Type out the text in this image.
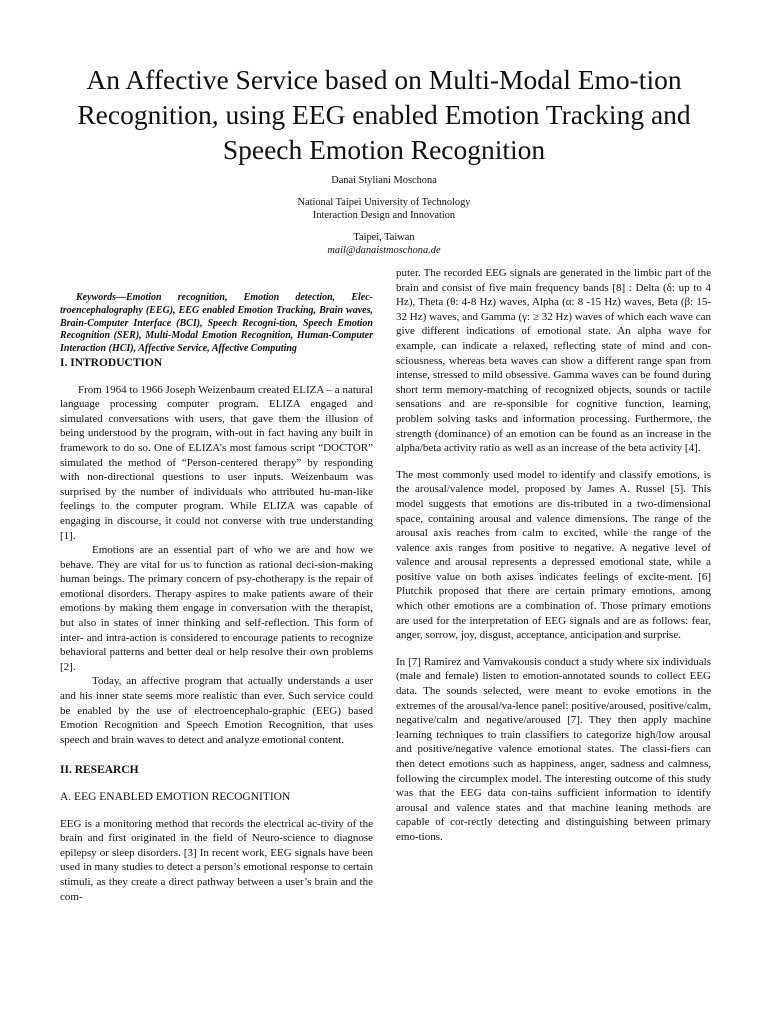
An Affective Service based on Multi-Modal Emo-tion Recognition, using EEG enabled Emotion Tracking and Speech Emotion Recognition
Danai Styliani Moschona
National Taipei University of Technology
Interaction Design and Innovation
Taipei, Taiwan
mail@danaistmoschona.de

Keywords—Emotion recognition, Emotion detection, Elec-troencephalography (EEG), EEG enabled Emotion Tracking, Brain waves, Brain-Computer Interface (BCI), Speech Recogni-tion, Speech Emotion Recognition (SER), Multi-Modal Emotion Recognition, Human-Computer Interaction (HCI), Affective Service, Affective Computing

I. INTRODUCTION

From 1964 to 1966 Joseph Weizenbaum created ELIZA – a natural language processing computer program. ELIZA engaged and simulated conversations with users, that gave them the illusion of being understood by the program, with-out in fact having any built in framework to do so. One of ELIZA’s most famous script “DOCTOR” simulated the method of “Person-centered therapy” by responding with non-directional questions to user inputs. Weizenbaum was surprised by the number of individuals who attributed hu-man-like feelings to the computer program. While ELIZA was capable of engaging in discourse, it could not converse with true understanding [1].

Emotions are an essential part of who we are and how we behave. They are vital for us to function as rational deci-sion-making human beings. The primary concern of psy-chotherapy is the repair of emotional disorders. Therapy aspires to make patients aware of their emotions by making them engage in conversation with the therapist, but also in states of inner thinking and self-reflection. This form of inter- and intra-action is considered to encourage patients to recognize behavioral patterns and better deal or help resolve their own problems [2].

Today, an affective program that actually understands a user and his inner state seems more realistic than ever. Such service could be enabled by the use of electroencephalo-graphic (EEG) based Emotion Recognition and Speech Emotion Recognition, that uses speech and brain waves to detect and analyze emotional content.

II. RESEARCH
A. EEG ENABLED EMOTION RECOGNITION

EEG is a monitoring method that records the electrical ac-tivity of the brain and first originated in the field of Neuro-science to diagnose epilepsy or sleep disorders. [3] In recent work, EEG signals have been used in many studies to detect a person’s emotional response to certain stimuli, as they create a direct pathway between a user’s brain and the com-

puter. The recorded EEG signals are generated in the limbic part of the brain and consist of five main frequency bands [8] : Delta (δ: up to 4 Hz), Theta (θ: 4-8 Hz) waves, Alpha (α: 8 -15 Hz) waves, Beta (β: 15-32 Hz) waves, and Gamma (γ: ≥ 32 Hz) waves of which each wave can give different indications of emotional state. An alpha wave for example, can indicate a relaxed, reflecting state of mind and con-sciousness, whereas beta waves can show a different range span from intense, stressed to mild obsessive. Gamma waves can be found during short term memory-matching of recognized objects, sounds or tactile sensations and are re-sponsible for cognitive function, learning, problem solving tasks and information processing. Furthermore, the strength (dominance) of an emotion can be found as an increase in the alpha/beta activity ratio as well as an increase of the beta activity [4].

The most commonly used model to identify and classify emotions, is the arousal/valence model, proposed by James A. Russel [5]. This model suggests that emotions are dis-tributed in a two-dimensional space, containing arousal and valence dimensions. The range of the arousal axis reaches from calm to excited, while the range of the valence axis ranges from positive to negative. A negative level of valence and arousal represents a depressed emotional state, while a positive value on both axises indicates feelings of excite-ment. [6] Plutchik proposed that there are certain primary emotions, among which other emotions are a combination of. Those primary emotions are used for the interpretation of EEG signals and are as follows: fear, anger, sorrow, joy, disgust, acceptance, anticipation and surprise.

In [7] Ramirez and Vamvakousis conduct a study where six individuals (male and female) listen to emotion-annotated sounds to collect EEG data. The sounds selected, were meant to evoke emotions in the extremes of the arousal/va-lence panel: positive/aroused, positive/calm, negative/calm and negative/aroused [7]. They then apply machine learning techniques to train classifiers to categorize high/low arousal and positive/negative valence emotional states. The classi-fiers can then detect emotions such as happiness, anger, sadness and calmness, following the circumplex model. The interesting outcome of this study was that the EEG data con-tains sufficient information to identify arousal and valence states and that machine leaning methods are capable of cor-rectly detecting and distinguishing between primary emo-tions.
